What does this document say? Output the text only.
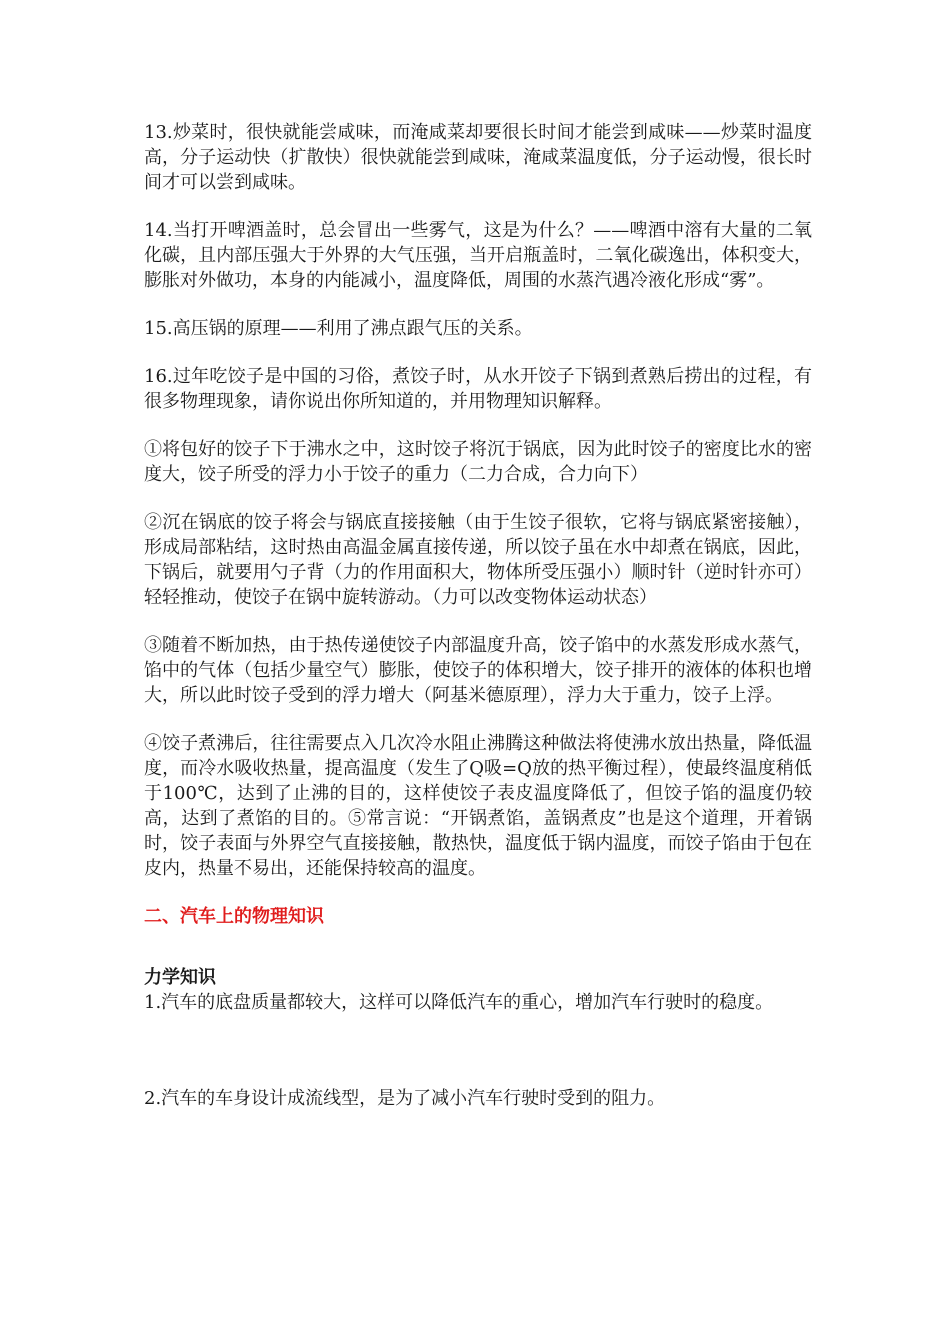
13.炒菜时，很快就能尝咸味，而淹咸菜却要很长时间才能尝到咸味——炒菜时温度高，分子运动快（扩散快）很快就能尝到咸味，淹咸菜温度低，分子运动慢，很长时间才可以尝到咸味。
14.当打开啤酒盖时，总会冒出一些雾气，这是为什么？——啤酒中溶有大量的二氧化碳，且内部压强大于外界的大气压强，当开启瓶盖时，二氧化碳逸出，体积变大，膨胀对外做功，本身的内能减小，温度降低，周围的水蒸汽遇冷液化形成“雾”。
15.高压锅的原理——利用了沸点跟气压的关系。
16.过年吃饺子是中国的习俗，煮饺子时，从水开饺子下锅到煮熟后捞出的过程，有很多物理现象，请你说出你所知道的，并用物理知识解释。
①将包好的饺子下于沸水之中，这时饺子将沉于锅底，因为此时饺子的密度比水的密度大，饺子所受的浮力小于饺子的重力（二力合成，合力向下）
②沉在锅底的饺子将会与锅底直接接触（由于生饺子很软，它将与锅底紧密接触），形成局部粘结，这时热由高温金属直接传递，所以饺子虽在水中却煮在锅底，因此，下锅后，就要用勺子背（力的作用面积大，物体所受压强小）顺时针（逆时针亦可）轻轻推动，使饺子在锅中旋转游动。（力可以改变物体运动状态）
③随着不断加热，由于热传递使饺子内部温度升高，饺子馅中的水蒸发形成水蒸气，馅中的气体（包括少量空气）膨胀，使饺子的体积增大，饺子排开的液体的体积也增大，所以此时饺子受到的浮力增大（阿基米德原理），浮力大于重力，饺子上浮。
④饺子煮沸后，往往需要点入几次冷水阻止沸腾这种做法将使沸水放出热量，降低温度，而冷水吸收热量，提高温度（发生了Q吸=Q放的热平衡过程），使最终温度稍低于100℃，达到了止沸的目的，这样使饺子表皮温度降低了，但饺子馅的温度仍较高，达到了煮馅的目的。⑤常言说：“开锅煮馅，盖锅煮皮”也是这个道理，开着锅时，饺子表面与外界空气直接接触，散热快，温度低于锅内温度，而饺子馅由于包在皮内，热量不易出，还能保持较高的温度。
二、汽车上的物理知识
力学知识
1.汽车的底盘质量都较大，这样可以降低汽车的重心，增加汽车行驶时的稳度。
2.汽车的车身设计成流线型，是为了减小汽车行驶时受到的阻力。
